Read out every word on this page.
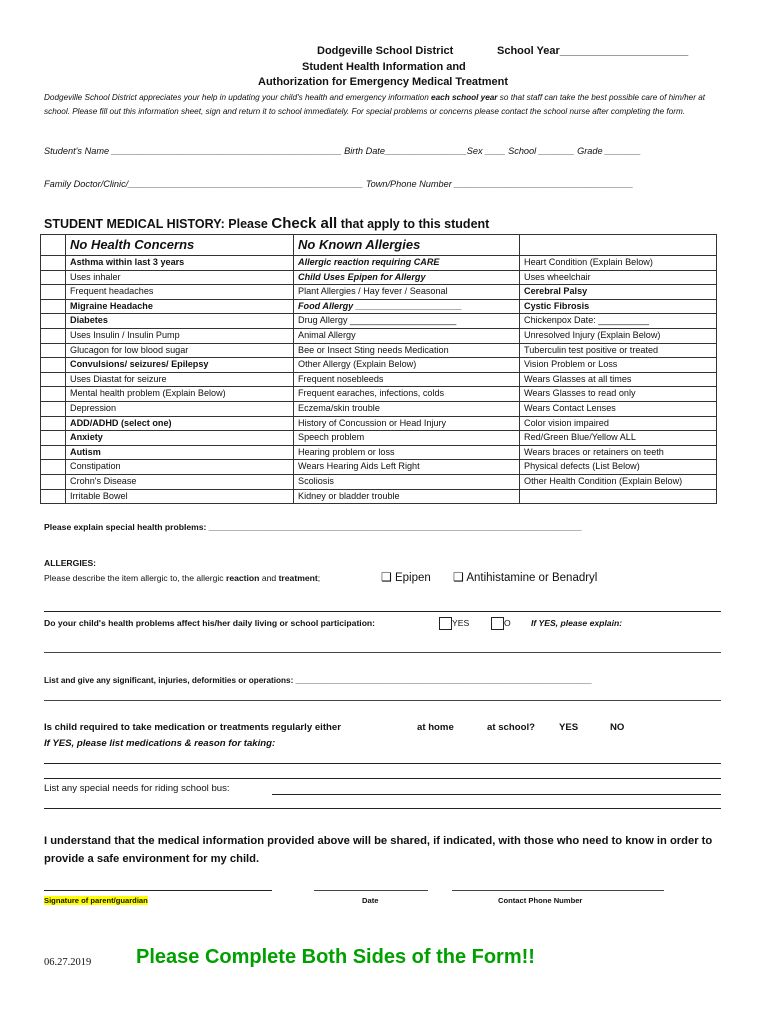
Dodgeville School District	School Year_____________________
Student Health Information and
Authorization for Emergency Medical Treatment
Dodgeville School District appreciates your help in updating your child's health and emergency information each school year so that staff can take the best possible care of him/her at school. Please fill out this information sheet, sign and return it to school immediately. For special problems or concerns please contact the school nurse after completing the form.
Student's Name _____________________________________________ Birth Date________________Sex ____ School _______ Grade _______
Family Doctor/Clinic/______________________________________________ Town/Phone Number ___________________________________
STUDENT MEDICAL HISTORY: Please Check all that apply to this student
	No Health Concerns	No Known Allergies	
	Asthma within last 3 years	Allergic reaction requiring CARE	Heart Condition (Explain Below)
	Uses inhaler	Child Uses Epipen for Allergy	Uses wheelchair
	Frequent headaches	Plant Allergies / Hay fever / Seasonal	Cerebral Palsy
	Migraine Headache	Food Allergy _____________________	Cystic Fibrosis
	Diabetes	Drug Allergy _____________________	Chickenpox Date: __________
	Uses Insulin / Insulin Pump	Animal Allergy	Unresolved Injury (Explain Below)
	Glucagon for low blood sugar	Bee or Insect Sting needs Medication	Tuberculin test positive or treated
	Convulsions/ seizures/ Epilepsy	Other Allergy (Explain Below)	Vision Problem or Loss
	Uses Diastat for seizure	Frequent nosebleeds	Wears Glasses at all times
	Mental health problem (Explain Below)	Frequent earaches, infections, colds	Wears Glasses to read only
	Depression	Eczema/skin trouble	Wears Contact Lenses
	ADD/ADHD (select one)	History of Concussion or Head Injury	Color vision impaired
	Anxiety	Speech problem	Red/Green Blue/Yellow ALL
	Autism	Hearing problem or loss	Wears braces or retainers on teeth
	Constipation	Wears Hearing Aids Left Right	Physical defects (List Below)
	Crohn's Disease	Scoliosis	Other Health Condition (Explain Below)
	Irritable Bowel	Kidney or bladder trouble	
Please explain special health problems: ______________________________________________________________________________
ALLERGIES:
Please describe the item allergic to, the allergic reaction and treatment;	❑ Epipen ❑ Antihistamine or Benadryl
Do your child's health problems affect his/her daily living or school participation:	YES	O If YES, please explain:
List and give any significant, injuries, deformities or operations: _________________________________________________________________
Is child required to take medication or treatments regularly either	at home	at school?	YES	NO
If YES, please list medications & reason for taking:
List any special needs for riding school bus:
I understand that the medical information provided above will be shared, if indicated, with those who need to know in order to provide a safe environment for my child.
Signature of parent/guardian	Date	Contact Phone Number
06.27.2019 Please Complete Both Sides of the Form!!
